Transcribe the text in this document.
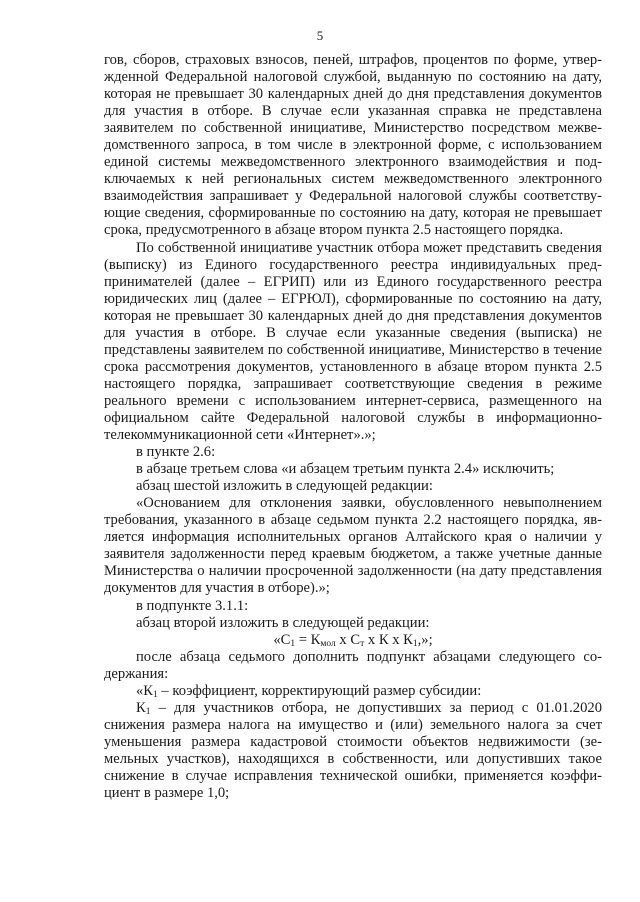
5

гов, сборов, страховых взносов, пеней, штрафов, процентов по форме, утвержденной Федеральной налоговой службой, выданную по состоянию на дату, которая не превышает 30 календарных дней до дня представления документов для участия в отборе. В случае если указанная справка не представлена заявителем по собственной инициативе, Министерство посредством межведомственного запроса, в том числе в электронной форме, с использованием единой системы межведомственного электронного взаимодействия и подключаемых к ней региональных систем межведомственного электронного взаимодействия запрашивает у Федеральной налоговой службы соответствующие сведения, сформированные по состоянию на дату, которая не превышает срока, предусмотренного в абзаце втором пункта 2.5 настоящего порядка.

По собственной инициативе участник отбора может представить сведения (выписку) из Единого государственного реестра индивидуальных предпринимателей (далее – ЕГРИП) или из Единого государственного реестра юридических лиц (далее – ЕГРЮЛ), сформированные по состоянию на дату, которая не превышает 30 календарных дней до дня представления документов для участия в отборе. В случае если указанные сведения (выписка) не представлены заявителем по собственной инициативе, Министерство в течение срока рассмотрения документов, установленного в абзаце втором пункта 2.5 настоящего порядка, запрашивает соответствующие сведения в режиме реального времени с использованием интернет-сервиса, размещенного на официальном сайте Федеральной налоговой службы в информационно-телекоммуникационной сети «Интернет».»;

в пункте 2.6:

в абзаце третьем слова «и абзацем третьим пункта 2.4» исключить;

абзац шестой изложить в следующей редакции:

«Основанием для отклонения заявки, обусловленного невыполнением требования, указанного в абзаце седьмом пункта 2.2 настоящего порядка, является информация исполнительных органов Алтайского края о наличии у заявителя задолженности перед краевым бюджетом, а также учетные данные Министерства о наличии просроченной задолженности (на дату представления документов для участия в отборе).»;

в подпункте 3.1.1:

абзац второй изложить в следующей редакции:

«$С_1 = К_{мол}$ х $С_т$ х К х $К_1$,»;

после абзаца седьмого дополнить подпункт абзацами следующего содержания:

«$К_1$ – коэффициент, корректирующий размер субсидии:

$К_1$ – для участников отбора, не допустивших за период с 01.01.2020 снижения размера налога на имущество и (или) земельного налога за счет уменьшения размера кадастровой стоимости объектов недвижимости (земельных участков), находящихся в собственности, или допустивших такое снижение в случае исправления технической ошибки, применяется коэффициент в размере 1,0;
